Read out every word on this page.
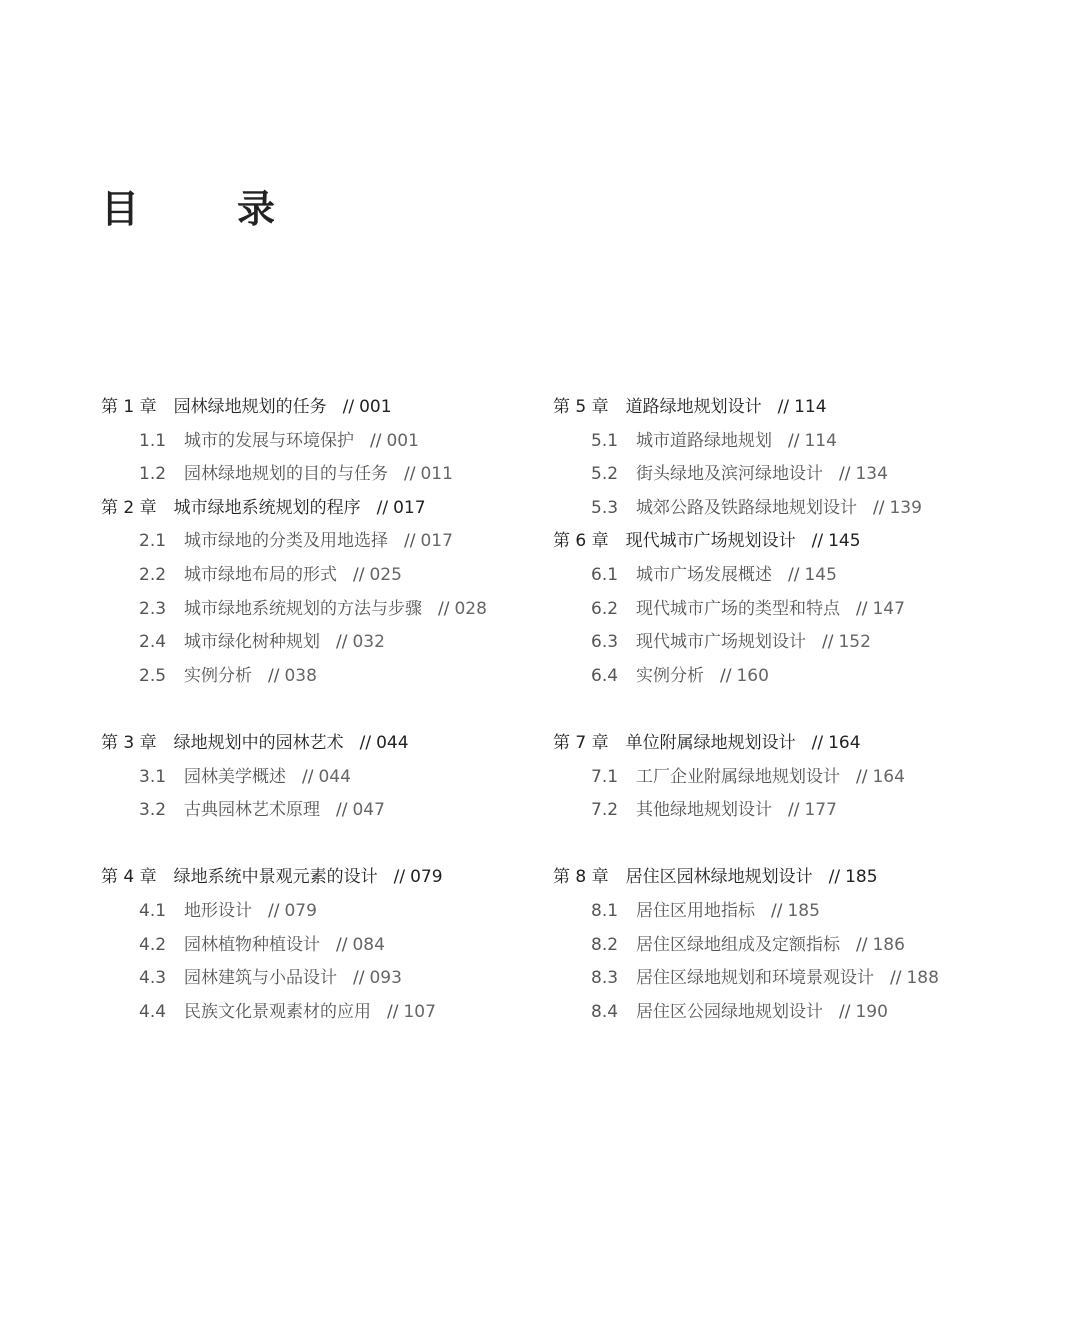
目　录
第 1 章 园林绿地规划的任务 // 001
1.1 城市的发展与环境保护 // 001
1.2 园林绿地规划的目的与任务 // 011
第 2 章 城市绿地系统规划的程序 // 017
2.1 城市绿地的分类及用地选择 // 017
2.2 城市绿地布局的形式 // 025
2.3 城市绿地系统规划的方法与步骤 // 028
2.4 城市绿化树种规划 // 032
2.5 实例分析 // 038
第 3 章 绿地规划中的园林艺术 // 044
3.1 园林美学概述 // 044
3.2 古典园林艺术原理 // 047
第 4 章 绿地系统中景观元素的设计 // 079
4.1 地形设计 // 079
4.2 园林植物种植设计 // 084
4.3 园林建筑与小品设计 // 093
4.4 民族文化景观素材的应用 // 107
第 5 章 道路绿地规划设计 // 114
5.1 城市道路绿地规划 // 114
5.2 街头绿地及滨河绿地设计 // 134
5.3 城郊公路及铁路绿地规划设计 // 139
第 6 章 现代城市广场规划设计 // 145
6.1 城市广场发展概述 // 145
6.2 现代城市广场的类型和特点 // 147
6.3 现代城市广场规划设计 // 152
6.4 实例分析 // 160
第 7 章 单位附属绿地规划设计 // 164
7.1 工厂企业附属绿地规划设计 // 164
7.2 其他绿地规划设计 // 177
第 8 章 居住区园林绿地规划设计 // 185
8.1 居住区用地指标 // 185
8.2 居住区绿地组成及定额指标 // 186
8.3 居住区绿地规划和环境景观设计 // 188
8.4 居住区公园绿地规划设计 // 190
